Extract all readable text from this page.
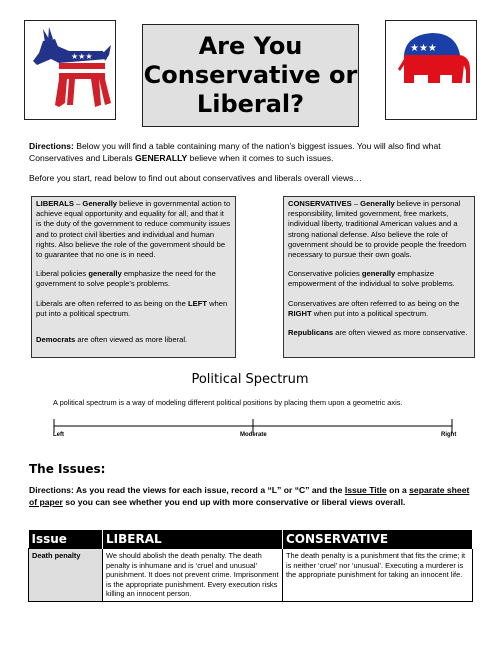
★★★	Are You
Conservative or
Liberal?
★★★
Directions: Below you will find a table containing many of the nation’s biggest issues. You will also find what Conservatives and Liberals GENERALLY believe when it comes to such issues.
Before you start, read below to find out about conservatives and liberals overall views…

LIBERALS – Generally believe in governmental action to achieve equal opportunity and equality for all, and that it is the duty of the government to reduce community issues and to protect civil liberties and individual and human rights. Also believe the role of the government should be to guarantee that no one is in need.

Liberal policies generally emphasize the need for the government to solve people’s problems.

Liberals are often referred to as being on the LEFT when put into a political spectrum.

Democrats are often viewed as more liberal.

CONSERVATIVES – Generally believe in personal responsibility, limited government, free markets, individual liberty, traditional American values and a strong national defense. Also believe the role of government should be to provide people the freedom necessary to pursue their own goals.

Conservative policies generally emphasize empowerment of the individual to solve problems.

Conservatives are often referred to as being on the RIGHT when put into a political spectrum.

Republicans are often viewed as more conservative.

Political Spectrum
A political spectrum is a way of modeling different political positions by placing them upon a geometric axis.
Left	Moderate	Right
The Issues:
Directions: As you read the views for each issue, record a “L” or “C” and the Issue Title on a separate sheet of paper so you can see whether you end up with more conservative or liberal views overall.
Issue	LIBERAL	CONSERVATIVE
Death penalty	We should abolish the death penalty. The death penalty is inhumane and is ‘cruel and unusual’ punishment. It does not prevent crime. Imprisonment is the appropriate punishment. Every execution risks killing an innocent person.	The death penalty is a punishment that fits the crime; it is neither ‘cruel’ nor ‘unusual’. Executing a murderer is the appropriate punishment for taking an innocent life.
